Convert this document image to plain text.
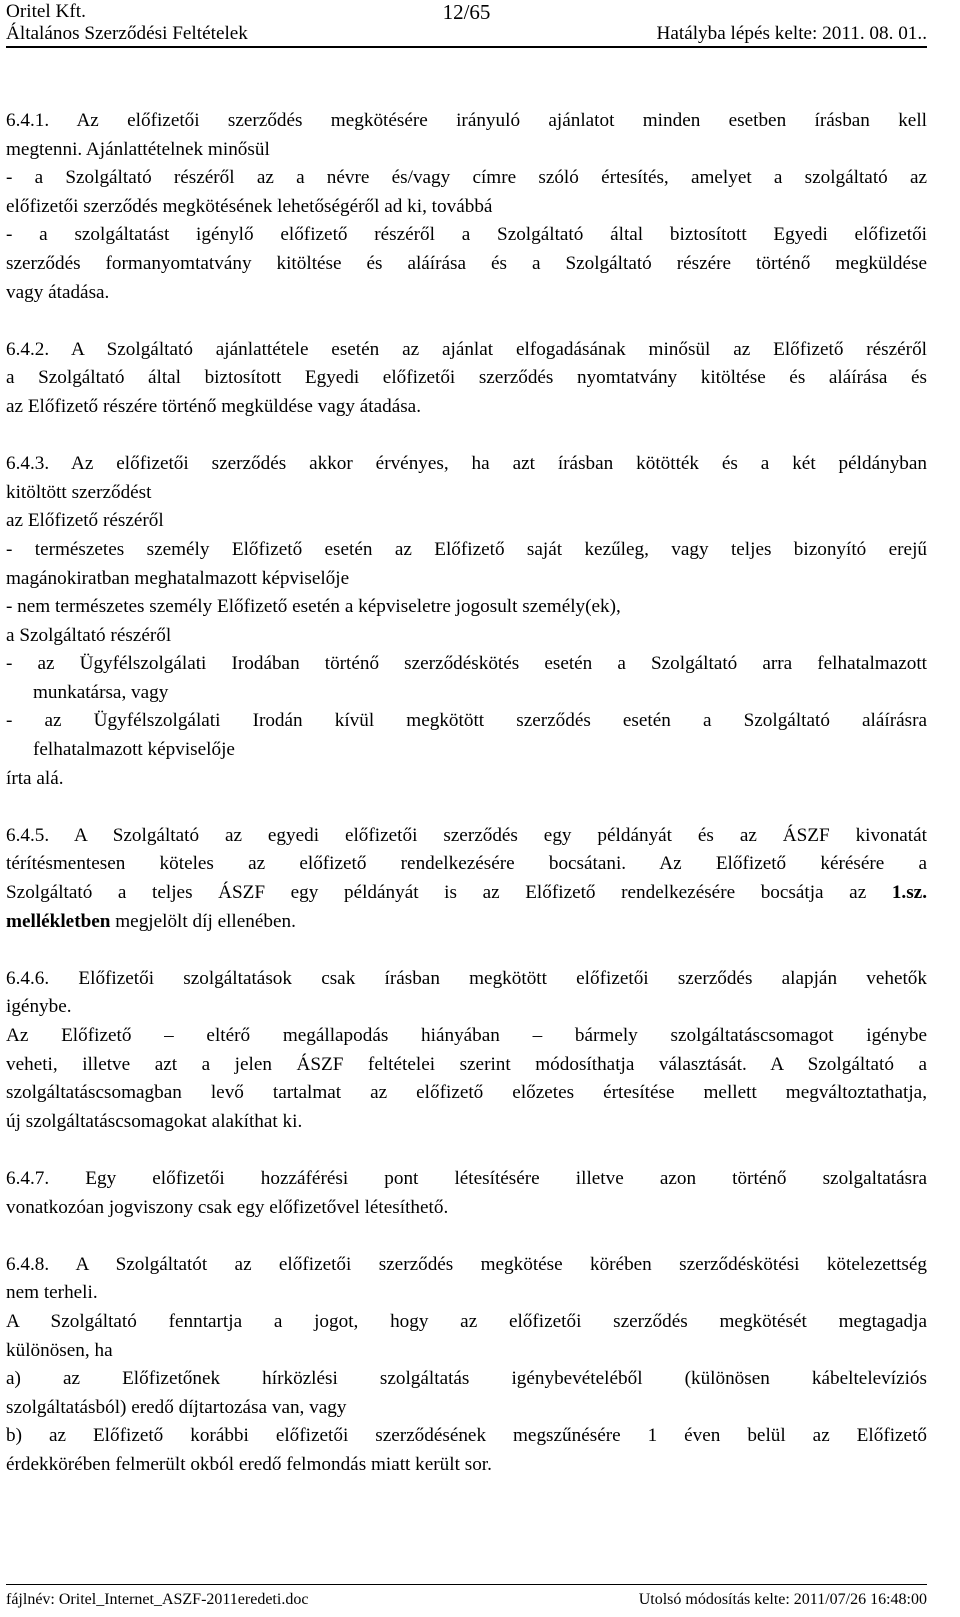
Oritel Kft.	12/65
Általános Szerződési Feltételek	Hatályba lépés kelte: 2011. 08. 01..

6.4.1. Az előfizetői szerződés megkötésére irányuló ajánlatot minden esetben írásban kell

megtenni. Ajánlattételnek minősül

- a Szolgáltató részéről az a névre és/vagy címre szóló értesítés, amelyet a szolgáltató az

előfizetői szerződés megkötésének lehetőségéről ad ki, továbbá

- a szolgáltatást igénylő előfizető részéről a Szolgáltató által biztosított Egyedi előfizetői

szerződés formanyomtatvány kitöltése és aláírása és a Szolgáltató részére történő megküldése

vagy átadása.

6.4.2. A Szolgáltató ajánlattétele esetén az ajánlat elfogadásának minősül az Előfizető részéről

a Szolgáltató által biztosított Egyedi előfizetői szerződés nyomtatvány kitöltése és aláírása és

az Előfizető részére történő megküldése vagy átadása.

6.4.3. Az előfizetői szerződés akkor érvényes, ha azt írásban kötötték és a két példányban

kitöltött szerződést

az Előfizető részéről

- természetes személy Előfizető esetén az Előfizető saját kezűleg, vagy teljes bizonyító erejű

magánokiratban meghatalmazott képviselője

- nem természetes személy Előfizető esetén a képviseletre jogosult személy(ek),

a Szolgáltató részéről

- az Ügyfélszolgálati Irodában történő szerződéskötés esetén a Szolgáltató arra felhatalmazott

munkatársa, vagy

- az Ügyfélszolgálati Irodán kívül megkötött szerződés esetén a Szolgáltató aláírásra

felhatalmazott képviselője

írta alá.

6.4.5. A Szolgáltató az egyedi előfizetői szerződés egy példányát és az ÁSZF kivonatát

térítésmentesen köteles az előfizető rendelkezésére bocsátani. Az Előfizető kérésére a

Szolgáltató a teljes ÁSZF egy példányát is az Előfizető rendelkezésére bocsátja az 1.sz.

mellékletben megjelölt díj ellenében.

6.4.6. Előfizetői szolgáltatások csak írásban megkötött előfizetői szerződés alapján vehetők

igénybe.

Az Előfizető – eltérő megállapodás hiányában – bármely szolgáltatáscsomagot igénybe

veheti, illetve azt a jelen ÁSZF feltételei szerint módosíthatja választását. A Szolgáltató a

szolgáltatáscsomagban levő tartalmat az előfizető előzetes értesítése mellett megváltoztathatja,

új szolgáltatáscsomagokat alakíthat ki.

6.4.7. Egy előfizetői hozzáférési pont létesítésére illetve azon történő szolgaltatásra

vonatkozóan jogviszony csak egy előfizetővel létesíthető.

6.4.8. A Szolgáltatót az előfizetői szerződés megkötése körében szerződéskötési kötelezettség

nem terheli.

A Szolgáltató fenntartja a jogot, hogy az előfizetői szerződés megkötését megtagadja

különösen, ha

a) az Előfizetőnek hírközlési szolgáltatás igénybevételéből (különösen kábeltelevíziós

szolgáltatásból) eredő díjtartozása van, vagy

b) az Előfizető korábbi előfizetői szerződésének megszűnésére 1 éven belül az Előfizető

érdekkörében felmerült okból eredő felmondás miatt került sor.

fájlnév: Oritel_Internet_ASZF-2011eredeti.doc	Utolsó módosítás kelte: 2011/07/26 16:48:00
